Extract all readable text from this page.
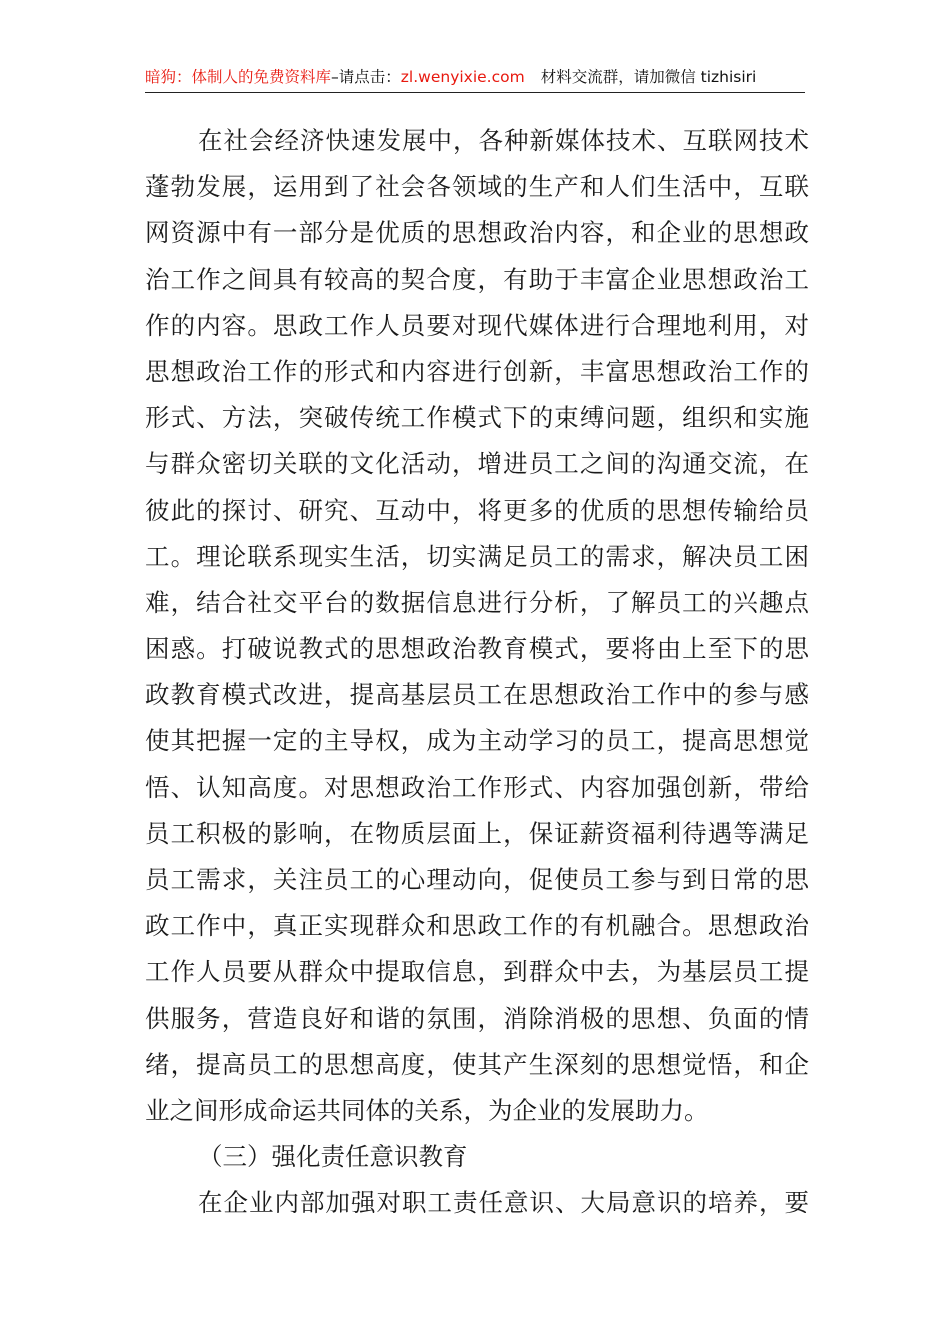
暗狗：体制人的免费资料库–请点击：zl.wenyixie.com 材料交流群，请加微信 tizhisiri
在社会经济快速发展中，各种新媒体技术、互联网技术
蓬勃发展，运用到了社会各领域的生产和人们生活中，互联
网资源中有一部分是优质的思想政治内容，和企业的思想政
治工作之间具有较高的契合度，有助于丰富企业思想政治工
作的内容。思政工作人员要对现代媒体进行合理地利用，对
思想政治工作的形式和内容进行创新，丰富思想政治工作的
形式、方法，突破传统工作模式下的束缚问题，组织和实施
与群众密切关联的文化活动，增进员工之间的沟通交流，在
彼此的探讨、研究、互动中，将更多的优质的思想传输给员
工。理论联系现实生活，切实满足员工的需求，解决员工困
难，结合社交平台的数据信息进行分析，了解员工的兴趣点
困惑。打破说教式的思想政治教育模式，要将由上至下的思
政教育模式改进，提高基层员工在思想政治工作中的参与感
使其把握一定的主导权，成为主动学习的员工，提高思想觉
悟、认知高度。对思想政治工作形式、内容加强创新，带给
员工积极的影响，在物质层面上，保证薪资福利待遇等满足
员工需求，关注员工的心理动向，促使员工参与到日常的思
政工作中，真正实现群众和思政工作的有机融合。思想政治
工作人员要从群众中提取信息，到群众中去，为基层员工提
供服务，营造良好和谐的氛围，消除消极的思想、负面的情
绪，提高员工的思想高度，使其产生深刻的思想觉悟，和企
业之间形成命运共同体的关系，为企业的发展助力。
（三）强化责任意识教育
在企业内部加强对职工责任意识、大局意识的培养，要
